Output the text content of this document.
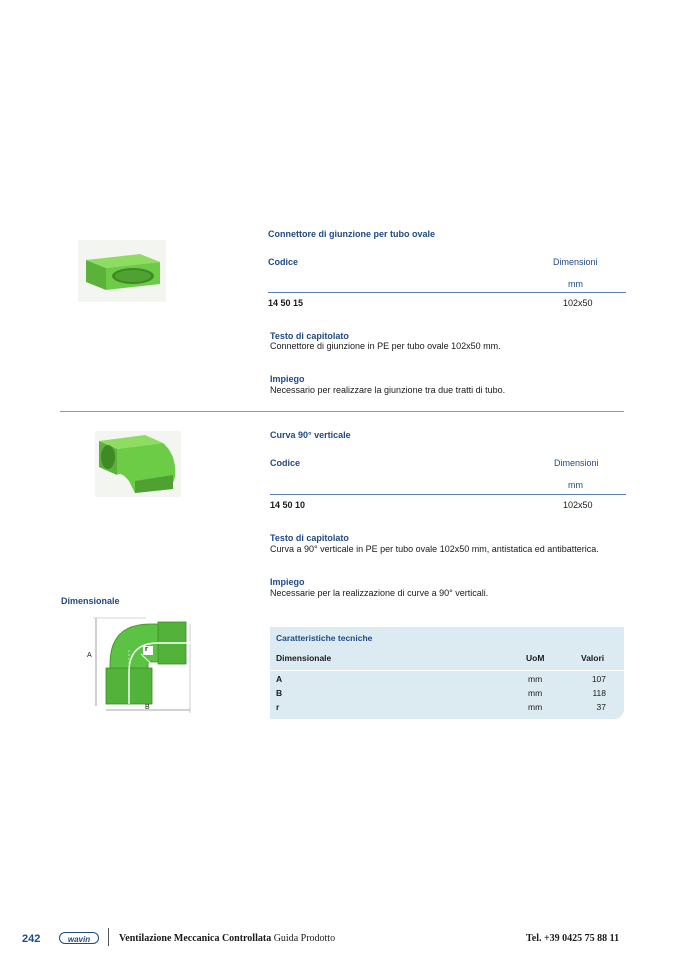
Connettore di giunzione per tubo ovale
Codice	Dimensioni
mm
14 50 15	102x50
Testo di capitolato
Connettore di giunzione in PE per tubo ovale 102x50 mm.
Impiego
Necessario per realizzare la giunzione tra due tratti di tubo.
Curva 90° verticale
Codice	Dimensioni
mm
14 50 10	102x50
Testo di capitolato
Curva a 90° verticale in PE per tubo ovale 102x50 mm, antistatica ed antibatterica.
Impiego
Necessarie per la realizzazione di curve a 90° verticali.
Dimensionale
A
B
r
Caratteristiche tecniche
Dimensionale	UoM	Valori
A	mm	107
B	mm	118
r	mm	37
242	wavin	Ventilazione Meccanica Controllata Guida Prodotto	Tel. +39 0425 75 88 11
